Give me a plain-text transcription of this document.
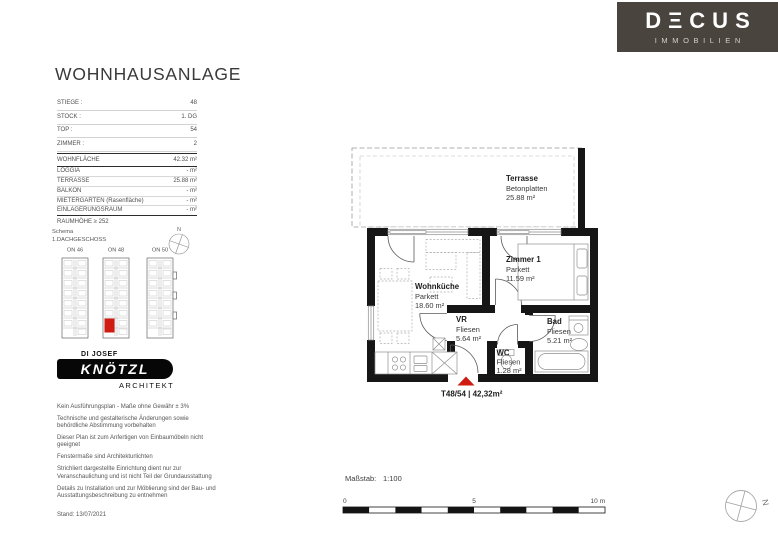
DΞCUS
IMMOBILIEN
WOHNHAUSANLAGE
STIEGE :	48
STOCK :	1. DG
TOP :	54
ZIMMER :	2
WOHNFLÄCHE	42.32 m²
LOGGIA	- m²
TERRASSE	25.88 m²
BALKON	- m²
MIETERGARTEN (Rasenfläche)	- m²
EINLAGERUNGSRAUM	- m²
RAUMHÖHE ≥ 252
Schema
1.DACHGESCHOSS
ON 46	ON 48	ON 50
N
DI JOSEF
KNÖTZL
ARCHITEKT

Kein Ausführungsplan - Maße ohne Gewähr ± 3%

Technische und gestalterische Änderungen sowie behördliche Abstimmung vorbehalten

Dieser Plan ist zum Anfertigen von Einbaumöbeln nicht geeignet

Fenstermaße sind Architekturlichten

Strichliert dargestellte Einrichtung dient nur zur Veranschaulichung und ist nicht Teil der Grundausstattung

Details zu Installation und zur Möblierung sind der Bau- und Ausstattungsbeschreibung zu entnehmen

Stand: 13/07/2021
Terrasse
Betonplatten
25.88 m²
Wohnküche
Parkett
18.60 m²
Zimmer 1
Parkett
11.59 m²
VR
Fliesen
5.64 m²
Bad
Fliesen
5.21 m²
WC
Fliesen
1.28 m²
T48/54 | 42,32m²
Maßstab: 1:100
0	5	10 m	N
